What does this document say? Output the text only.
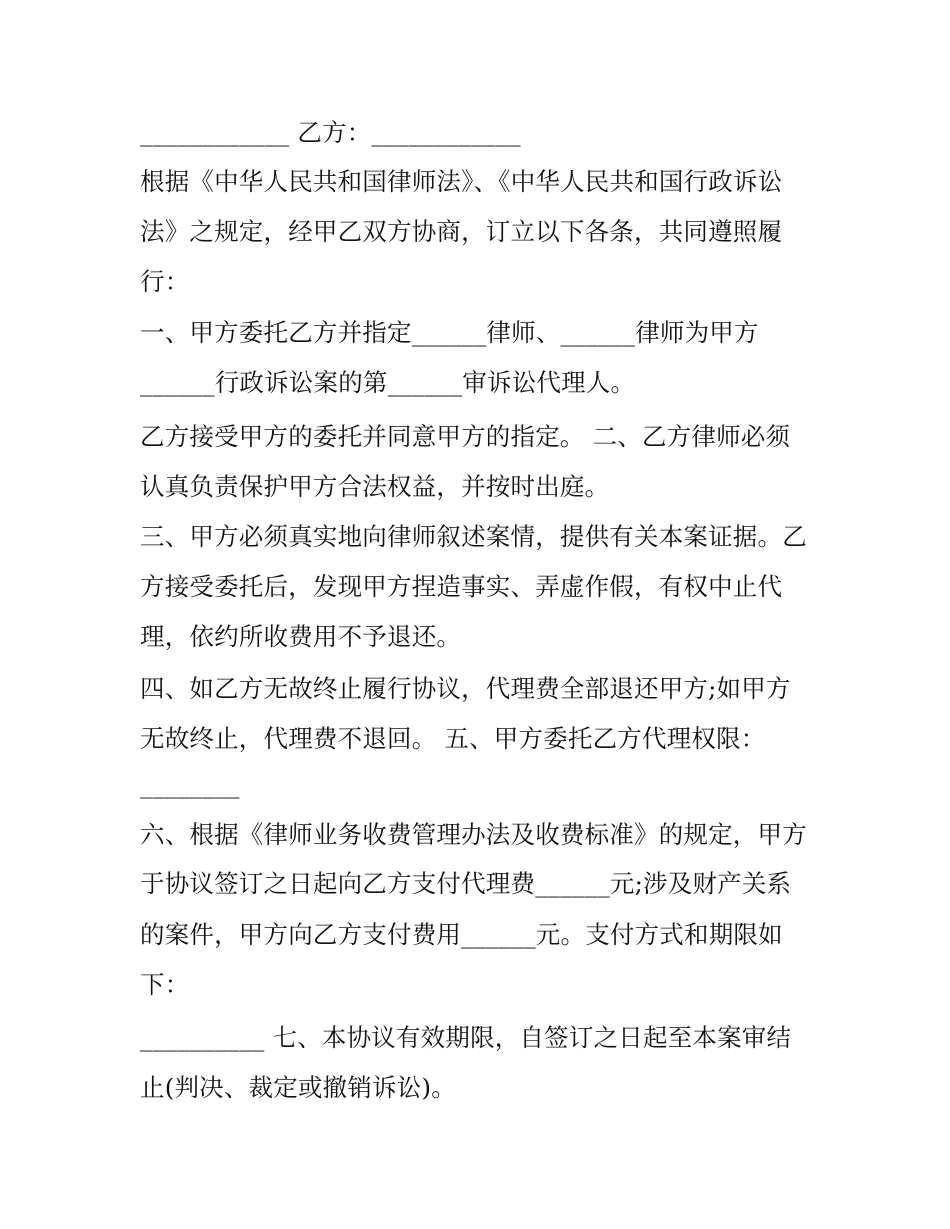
____________ 乙方：____________
根据《中华人民共和国律师法》、《中华人民共和国行政诉讼
法》之规定，经甲乙双方协商，订立以下各条，共同遵照履
行：
一、甲方委托乙方并指定______律师、______律师为甲方
______行政诉讼案的第______审诉讼代理人。
乙方接受甲方的委托并同意甲方的指定。 二、乙方律师必须
认真负责保护甲方合法权益，并按时出庭。
三、甲方必须真实地向律师叙述案情，提供有关本案证据。乙
方接受委托后，发现甲方捏造事实、弄虚作假，有权中止代
理，依约所收费用不予退还。
四、如乙方无故终止履行协议，代理费全部退还甲方;如甲方
无故终止，代理费不退回。 五、甲方委托乙方代理权限：
________
六、根据《律师业务收费管理办法及收费标准》的规定，甲方
于协议签订之日起向乙方支付代理费______元;涉及财产关系
的案件，甲方向乙方支付费用______元。支付方式和期限如
下：
__________ 七、本协议有效期限，自签订之日起至本案审结
止(判决、裁定或撤销诉讼)。
